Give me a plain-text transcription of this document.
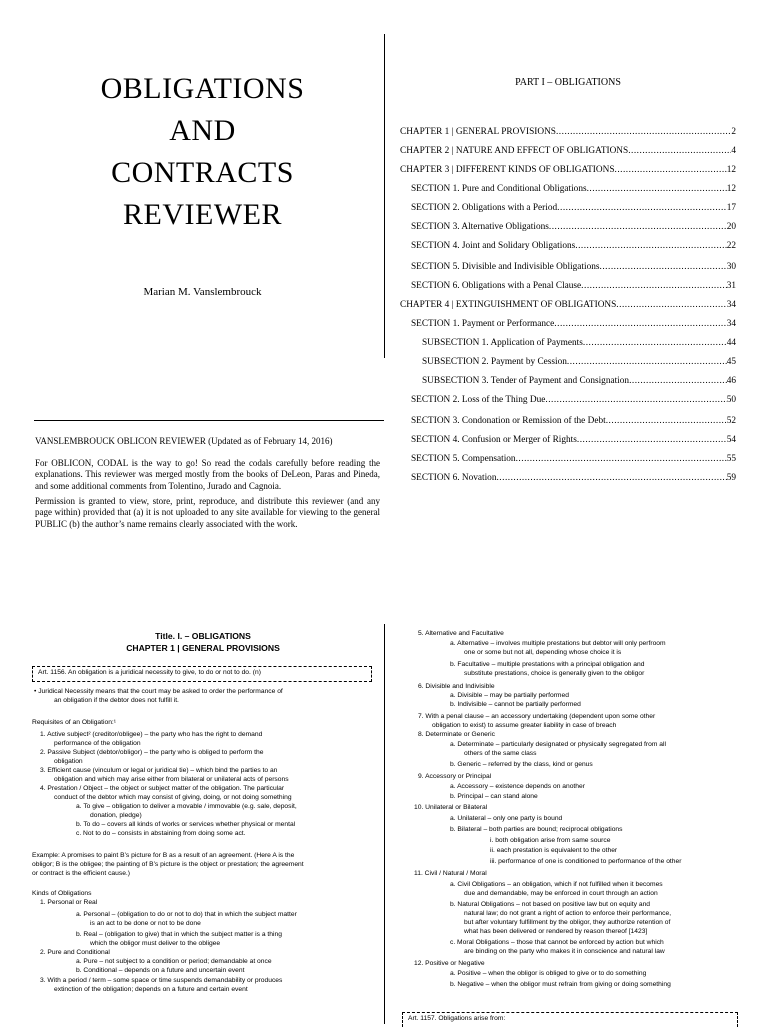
OBLIGATIONS
AND
CONTRACTS
REVIEWER
Marian M. Vanslembrouck
VANSLEMBROUCK OBLICON REVIEWER (Updated as of February 14, 2016)
For OBLICON, CODAL is the way to go! So read the codals carefully before reading the explanations. This reviewer was merged mostly from the books of DeLeon, Paras and Pineda, and some additional comments from Tolentino, Jurado and Cagnoia.
Permission is granted to view, store, print, reproduce, and distribute this reviewer (and any page within) provided that (a) it is not uploaded to any site available for viewing to the general PUBLIC (b) the author’s name remains clearly associated with the work.
PART I – OBLIGATIONS
CHAPTER 1 | GENERAL PROVISIONS .....	2
CHAPTER 2 | NATURE AND EFFECT OF OBLIGATIONS .....	4
CHAPTER 3 | DIFFERENT KINDS OF OBLIGATIONS .....	12
SECTION 1. Pure and Conditional Obligations .....	12
SECTION 2. Obligations with a Period .....	17
SECTION 3. Alternative Obligations .....	20
SECTION 4. Joint and Solidary Obligations .....	22
SECTION 5. Divisible and Indivisible Obligations .....	30
SECTION 6. Obligations with a Penal Clause .....	31
CHAPTER 4 | EXTINGUISHMENT OF OBLIGATIONS .....	34
SECTION 1. Payment or Performance .....	34
SUBSECTION 1. Application of Payments .....	44
SUBSECTION 2. Payment by Cession .....	45
SUBSECTION 3. Tender of Payment and Consignation .....	46
SECTION 2. Loss of the Thing Due .....	50
SECTION 3. Condonation or Remission of the Debt .....	52
SECTION 4. Confusion or Merger of Rights .....	54
SECTION 5. Compensation .....	55
SECTION 6. Novation .....	59
Title. I. – OBLIGATIONS
CHAPTER 1 | GENERAL PROVISIONS
Art. 1156. An obligation is a juridical necessity to give, to do or not to do. (n)
• Juridical Necessity means that the court may be asked to order the performance of
an obligation if the debtor does not fulfill it.
Requisites of an Obligation:¹
1. Active subject² (creditor/obligee) – the party who has the right to demand
performance of the obligation
2. Passive Subject (debtor/obligor) – the party who is obliged to perform the
obligation
3. Efficient cause (vinculum or legal or juridical tie) – which bind the parties to an
obligation and which may arise either from bilateral or unilateral acts of persons
4. Prestation / Object – the object or subject matter of the obligation. The particular
conduct of the debtor which may consist of giving, doing, or not doing something
a. To give – obligation to deliver a movable / immovable (e.g. sale, deposit,
donation, pledge)
b. To do – covers all kinds of works or services whether physical or mental
c. Not to do – consists in abstaining from doing some act.
Example: A promises to paint B’s picture for B as a result of an agreement. (Here A is the
obligor; B is the obligee; the painting of B’s picture is the object or prestation; the agreement
or contract is the efficient cause.)
Kinds of Obligations
1. Personal or Real
a. Personal – (obligation to do or not to do) that in which the subject matter
is an act to be done or not to be done
b. Real – (obligation to give) that in which the subject matter is a thing
which the obligor must deliver to the obligee
2. Pure and Conditional
a. Pure – not subject to a condition or period; demandable at once
b. Conditional – depends on a future and uncertain event
3. With a period / term – some space or time suspends demandability or produces
extinction of the obligation; depends on a future and certain event
5. Alternative and Facultative
a. Alternative – involves multiple prestations but debtor will only perfroom
one or some but not all, depending whose choice it is
b. Facultative – multiple prestations with a principal obligation and
substitute prestations, choice is generally given to the obligor
6. Divisible and Indivisible
a. Divisible – may be partially performed
b. Indivisible – cannot be partially performed
7. With a penal clause – an accessory undertaking (dependent upon some other
obligation to exist) to assume greater liability in case of breach
8. Determinate or Generic
a. Determinate – particularly designated or physically segregated from all
others of the same class
b. Generic – referred by the class, kind or genus
9. Accessory or Principal
a. Accessory – existence depends on another
b. Principal – can stand alone
10. Unilateral or Bilateral
a. Unilateral – only one party is bound
b. Bilateral – both parties are bound; reciprocal obligations
i. both obligation arise from same source
ii. each prestation is equivalent to the other
iii. performance of one is conditioned to performance of the other
11. Civil / Natural / Moral
a. Civil Obligations – an obligation, which if not fulfilled when it becomes
due and demandable, may be enforced in court through an action
b. Natural Obligations – not based on positive law but on equity and
natural law; do not grant a right of action to enforce their performance,
but after voluntary fulfillment by the obligor, they authorize retention of
what has been delivered or rendered by reason thereof [1423]
c. Moral Obligations – those that cannot be enforced by action but which
are binding on the party who makes it in conscience and natural law
12. Positive or Negative
a. Positive – when the obligor is obliged to give or to do something
b. Negative – when the obligor must refrain from giving or doing something
Art. 1157. Obligations arise from:
